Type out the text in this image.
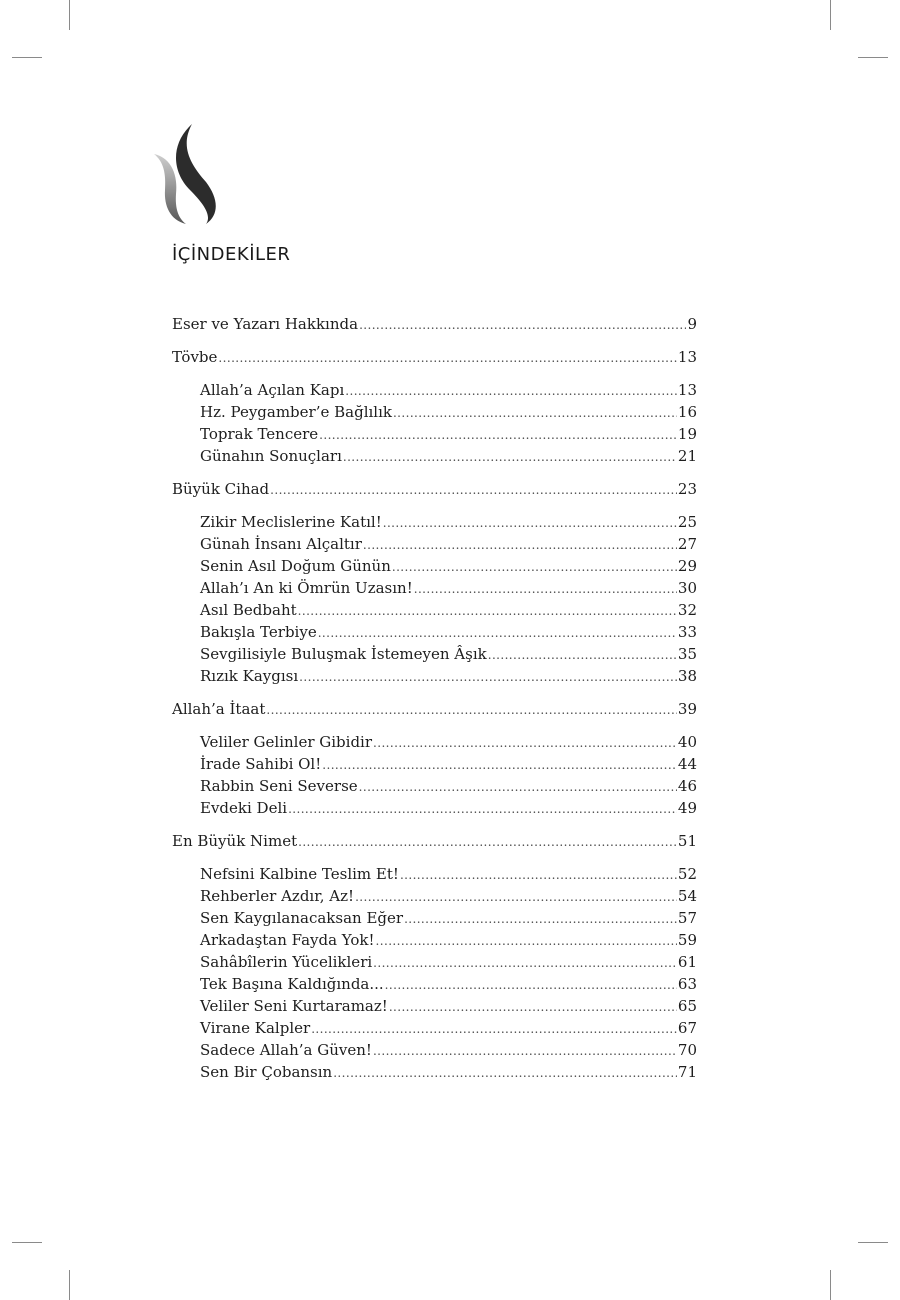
İÇİNDEKİLER
Eser ve Yazarı Hakkında .....	9
Tövbe .....	13
Allah’a Açılan Kapı .....	13
Hz. Peygamber’e Bağlılık .....	16
Toprak Tencere .....	19
Günahın Sonuçları .....	21
Büyük Cihad .....	23
Zikir Meclislerine Katıl! .....	25
Günah İnsanı Alçaltır .....	27
Senin Asıl Doğum Günün .....	29
Allah’ı An ki Ömrün Uzasın! .....	30
Asıl Bedbaht .....	32
Bakışla Terbiye .....	33
Sevgilisiyle Buluşmak İstemeyen Âşık .....	35
Rızık Kaygısı .....	38
Allah’a İtaat .....	39
Veliler Gelinler Gibidir .....	40
İrade Sahibi Ol! .....	44
Rabbin Seni Severse .....	46
Evdeki Deli .....	49
En Büyük Nimet .....	51
Nefsini Kalbine Teslim Et! .....	52
Rehberler Azdır, Az! .....	54
Sen Kaygılanacaksan Eğer .....	57
Arkadaştan Fayda Yok! .....	59
Sahâbîlerin Yücelikleri .....	61
Tek Başına Kaldığında... .....	63
Veliler Seni Kurtaramaz! .....	65
Virane Kalpler .....	67
Sadece Allah’a Güven! .....	70
Sen Bir Çobansın .....	71
